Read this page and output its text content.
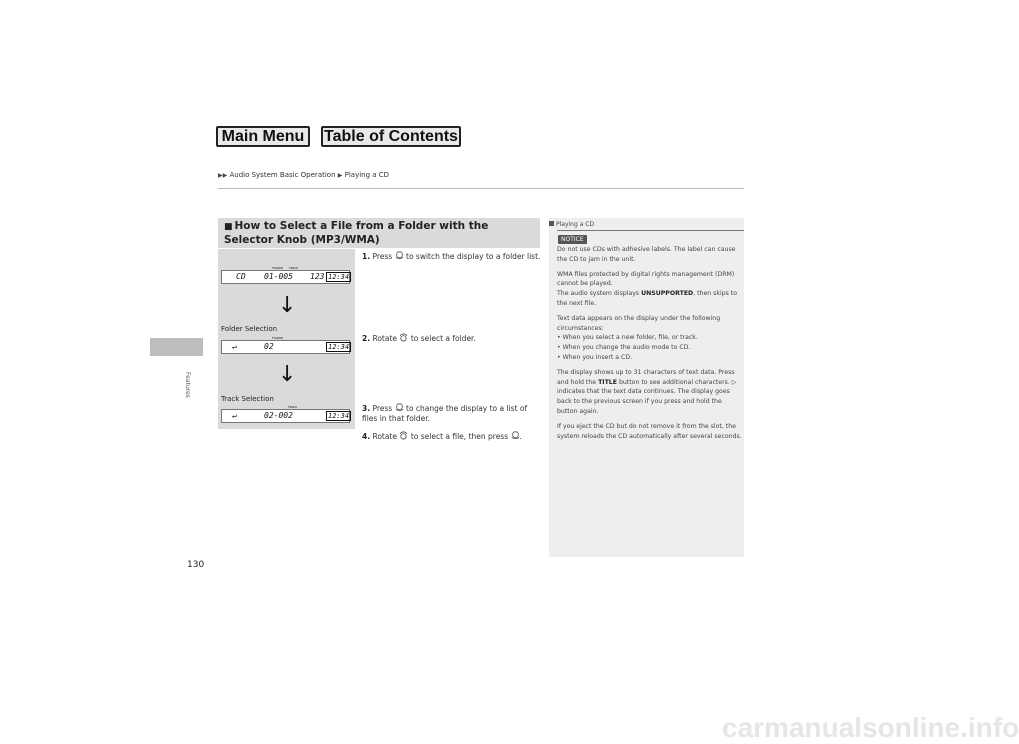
Main Menu	Table of Contents
▶▶ Audio System Basic Operation ▶ Playing a CD
Features
■ How to Select a File from a Folder with the Selector Knob (MP3/WMA)
FOLDER TRACK
CD 01-005 123 12:34
↓
Folder Selection
FOLDER
↵	02	12:34
↓
Track Selection
TRACK
↵	02-002	12:34
1. Press to switch the display to a folder list.
2. Rotate to select a folder.
3. Press to change the display to a list of files in that folder.
4. Rotate to select a file, then press .
Playing a CD
NOTICE

Do not use CDs with adhesive labels. The label can cause the CD to jam in the unit.

WMA files protected by digital rights management (DRM) cannot be played.
The audio system displays UNSUPPORTED, then skips to the next file.

Text data appears on the display under the following circumstances:
• When you select a new folder, file, or track.
• When you change the audio mode to CD.
• When you insert a CD.

The display shows up to 31 characters of text data. Press and hold the TITLE button to see additional characters. ▷ indicates that the text data continues. The display goes back to the previous screen if you press and hold the button again.

If you eject the CD but do not remove it from the slot, the system reloads the CD automatically after several seconds.

130
carmanualsonline.info
